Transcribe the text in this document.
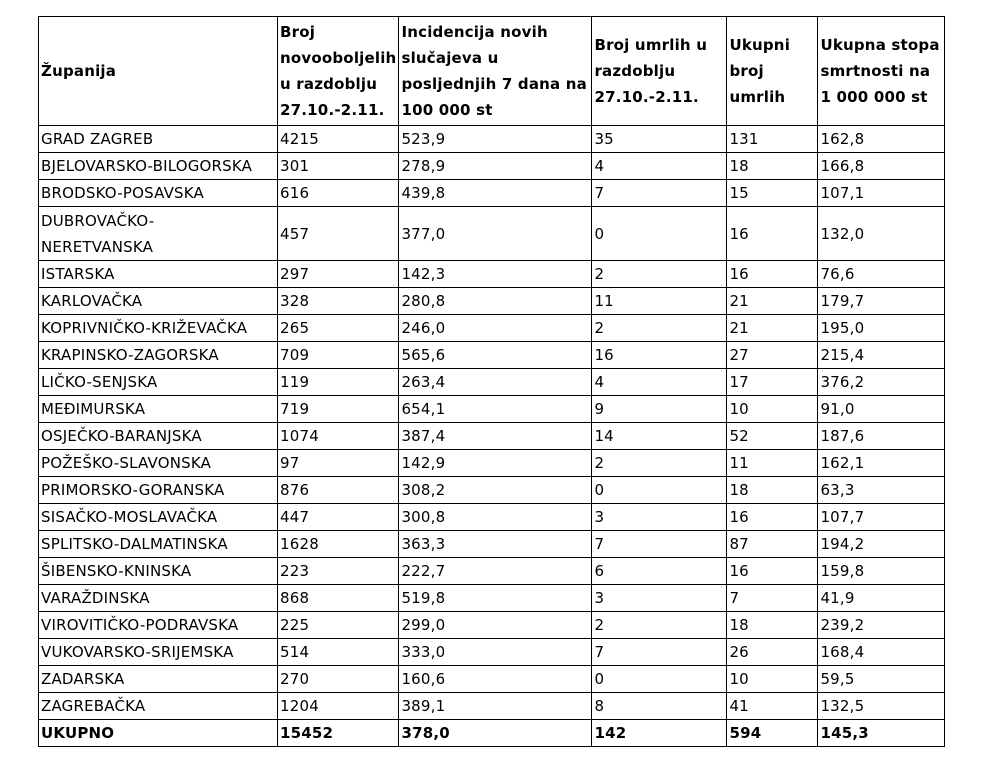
Županija	Broj novooboljelih u razdoblju 27.10.-2.11.	Incidencija novih slučajeva u posljednjih 7 dana na 100 000 st	Broj umrlih u razdoblju 27.10.-2.11.	Ukupni broj umrlih	Ukupna stopa smrtnosti na 1 000 000 st
GRAD ZAGREB	4215	523,9	35	131	162,8
BJELOVARSKO-BILOGORSKA	301	278,9	4	18	166,8
BRODSKO-POSAVSKA	616	439,8	7	15	107,1
DUBROVAČKO-
NERETVANSKA	457	377,0	0	16	132,0
ISTARSKA	297	142,3	2	16	76,6
KARLOVAČKA	328	280,8	11	21	179,7
KOPRIVNIČKO-KRIŽEVAČKA	265	246,0	2	21	195,0
KRAPINSKO-ZAGORSKA	709	565,6	16	27	215,4
LIČKO-SENJSKA	119	263,4	4	17	376,2
MEĐIMURSKA	719	654,1	9	10	91,0
OSJEČKO-BARANJSKA	1074	387,4	14	52	187,6
POŽEŠKO-SLAVONSKA	97	142,9	2	11	162,1
PRIMORSKO-GORANSKA	876	308,2	0	18	63,3
SISAČKO-MOSLAVAČKA	447	300,8	3	16	107,7
SPLITSKO-DALMATINSKA	1628	363,3	7	87	194,2
ŠIBENSKO-KNINSKA	223	222,7	6	16	159,8
VARAŽDINSKA	868	519,8	3	7	41,9
VIROVITIČKO-PODRAVSKA	225	299,0	2	18	239,2
VUKOVARSKO-SRIJEMSKA	514	333,0	7	26	168,4
ZADARSKA	270	160,6	0	10	59,5
ZAGREBAČKA	1204	389,1	8	41	132,5
UKUPNO	15452	378,0	142	594	145,3
